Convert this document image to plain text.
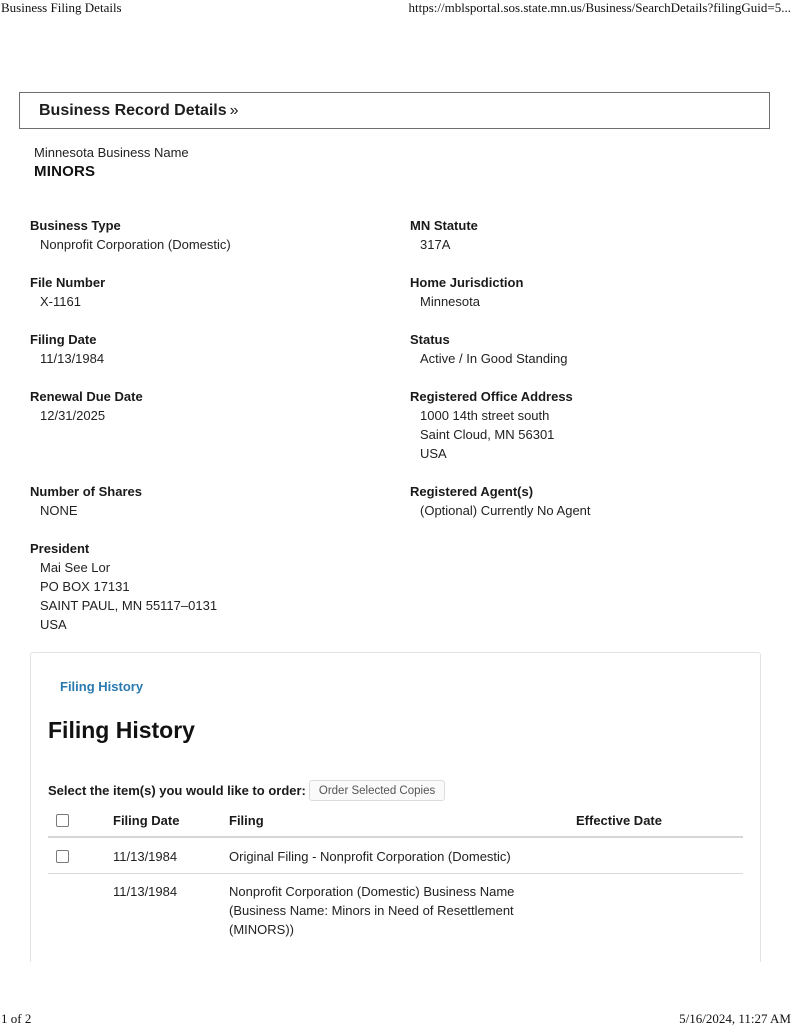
Business Filing Details	https://mblsportal.sos.state.mn.us/Business/SearchDetails?filingGuid=5...
1 of 2	5/16/2024, 11:27 AM
Business Record Details »
Minnesota Business Name
MINORS
Business Type
Nonprofit Corporation (Domestic)
File Number
X-1161
Filing Date
11/13/1984
Renewal Due Date
12/31/2025
Number of Shares
NONE
President
Mai See Lor
PO BOX 17131
SAINT PAUL, MN 55117–0131
USA
MN Statute
317A
Home Jurisdiction
Minnesota
Status
Active / In Good Standing
Registered Office Address
1000 14th street south
Saint Cloud, MN 56301
USA
Registered Agent(s)
(Optional) Currently No Agent
Filing History
Filing History
Select the item(s) you would like to order:	Order Selected Copies
Filing Date	Filing	Effective Date
11/13/1984	Original Filing - Nonprofit Corporation (Domestic)
11/13/1984	Nonprofit Corporation (Domestic) Business Name
(Business Name: Minors in Need of Resettlement
(MINORS))
